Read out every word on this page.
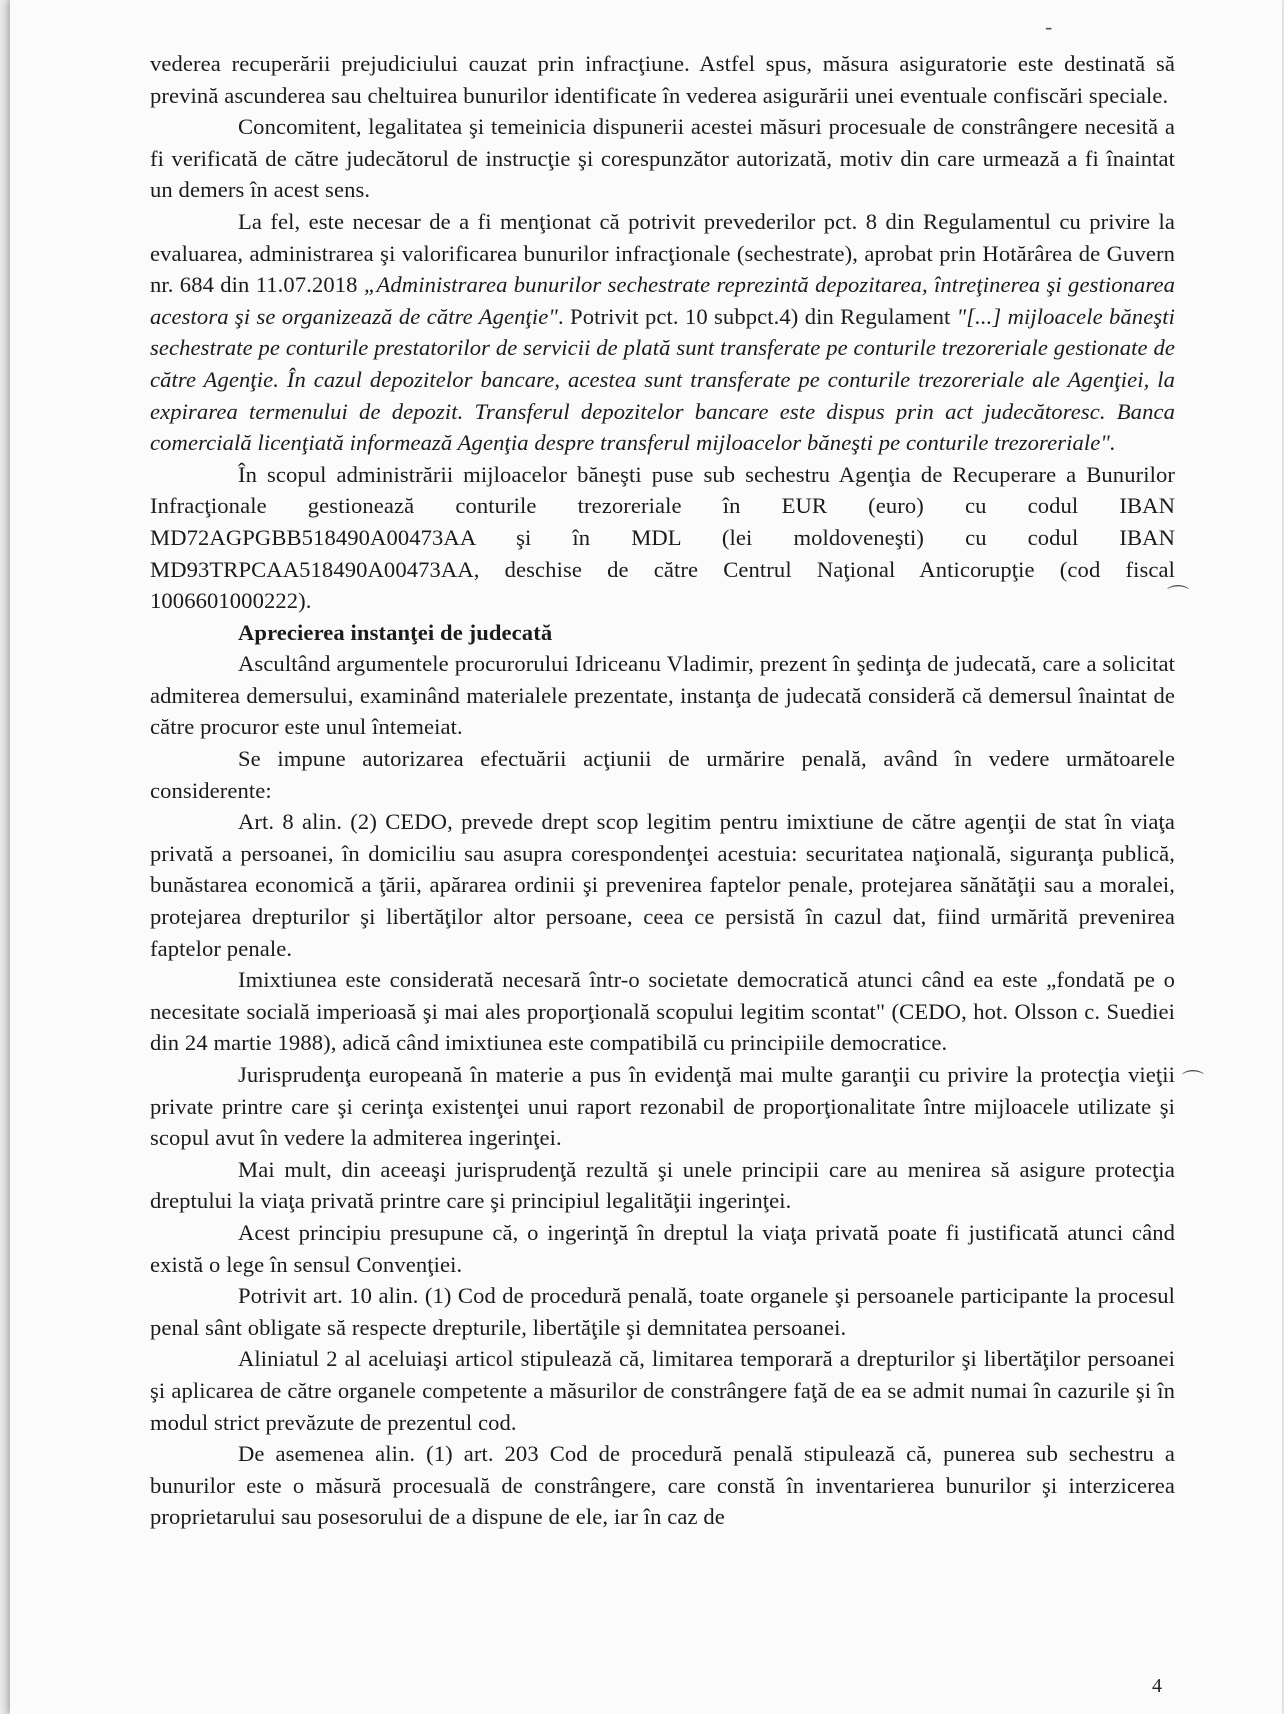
vederea recuperării prejudiciului cauzat prin infracţiune. Astfel spus, măsura asiguratorie este destinată să prevină ascunderea sau cheltuirea bunurilor identificate în vederea asigurării unei eventuale confiscări speciale.

Concomitent, legalitatea şi temeinicia dispunerii acestei măsuri procesuale de constrângere necesită a fi verificată de către judecătorul de instrucţie şi corespunzător autorizată, motiv din care urmează a fi înaintat un demers în acest sens.

La fel, este necesar de a fi menţionat că potrivit prevederilor pct. 8 din Regulamentul cu privire la evaluarea, administrarea şi valorificarea bunurilor infracţionale (sechestrate), aprobat prin Hotărârea de Guvern nr. 684 din 11.07.2018 „Administrarea bunurilor sechestrate reprezintă depozitarea, întreţinerea şi gestionarea acestora şi se organizează de către Agenţie". Potrivit pct. 10 subpct.4) din Regulament "[...] mijloacele băneşti sechestrate pe conturile prestatorilor de servicii de plată sunt transferate pe conturile trezoreriale gestionate de către Agenţie. În cazul depozitelor bancare, acestea sunt transferate pe conturile trezoreriale ale Agenţiei, la expirarea termenului de depozit. Transferul depozitelor bancare este dispus prin act judecătoresc. Banca comercială licenţiată informează Agenţia despre transferul mijloacelor băneşti pe conturile trezoreriale".

În scopul administrării mijloacelor băneşti puse sub sechestru Agenţia de Recuperare a Bunurilor Infracţionale gestionează conturile trezoreriale în EUR (euro) cu codul IBAN MD72AGPGBB518490A00473AA şi în MDL (lei moldoveneşti) cu codul IBAN MD93TRPCAA518490A00473AA, deschise de către Centrul Naţional Anticorupţie (cod fiscal 1006601000222).

Aprecierea instanţei de judecată

Ascultând argumentele procurorului Idriceanu Vladimir, prezent în şedinţa de judecată, care a solicitat admiterea demersului, examinând materialele prezentate, instanţa de judecată consideră că demersul înaintat de către procuror este unul întemeiat.

Se impune autorizarea efectuării acţiunii de urmărire penală, având în vedere următoarele considerente:

Art. 8 alin. (2) CEDO, prevede drept scop legitim pentru imixtiune de către agenţii de stat în viaţa privată a persoanei, în domiciliu sau asupra corespondenţei acestuia: securitatea naţională, siguranţa publică, bunăstarea economică a ţării, apărarea ordinii şi prevenirea faptelor penale, protejarea sănătăţii sau a moralei, protejarea drepturilor şi libertăţilor altor persoane, ceea ce persistă în cazul dat, fiind urmărită prevenirea faptelor penale.

Imixtiunea este considerată necesară într-o societate democratică atunci când ea este „fondată pe o necesitate socială imperioasă şi mai ales proporţională scopului legitim scontat" (CEDO, hot. Olsson c. Suediei din 24 martie 1988), adică când imixtiunea este compatibilă cu principiile democratice.

Jurisprudenţa europeană în materie a pus în evidenţă mai multe garanţii cu privire la protecţia vieţii private printre care şi cerinţa existenţei unui raport rezonabil de proporţionalitate între mijloacele utilizate şi scopul avut în vedere la admiterea ingerinţei.

Mai mult, din aceeaşi jurisprudenţă rezultă şi unele principii care au menirea să asigure protecţia dreptului la viaţa privată printre care şi principiul legalităţii ingerinţei.

Acest principiu presupune că, o ingerinţă în dreptul la viaţa privată poate fi justificată atunci când există o lege în sensul Convenţiei.

Potrivit art. 10 alin. (1) Cod de procedură penală, toate organele şi persoanele participante la procesul penal sânt obligate să respecte drepturile, libertăţile şi demnitatea persoanei.

Aliniatul 2 al aceluiaşi articol stipulează că, limitarea temporară a drepturilor şi libertăţilor persoanei şi aplicarea de către organele competente a măsurilor de constrângere faţă de ea se admit numai în cazurile şi în modul strict prevăzute de prezentul cod.

De asemenea alin. (1) art. 203 Cod de procedură penală stipulează că, punerea sub sechestru a bunurilor este o măsură procesuală de constrângere, care constă în inventarierea bunurilor şi interzicerea proprietarului sau posesorului de a dispune de ele, iar în caz de

4
-
⌒
⌒
